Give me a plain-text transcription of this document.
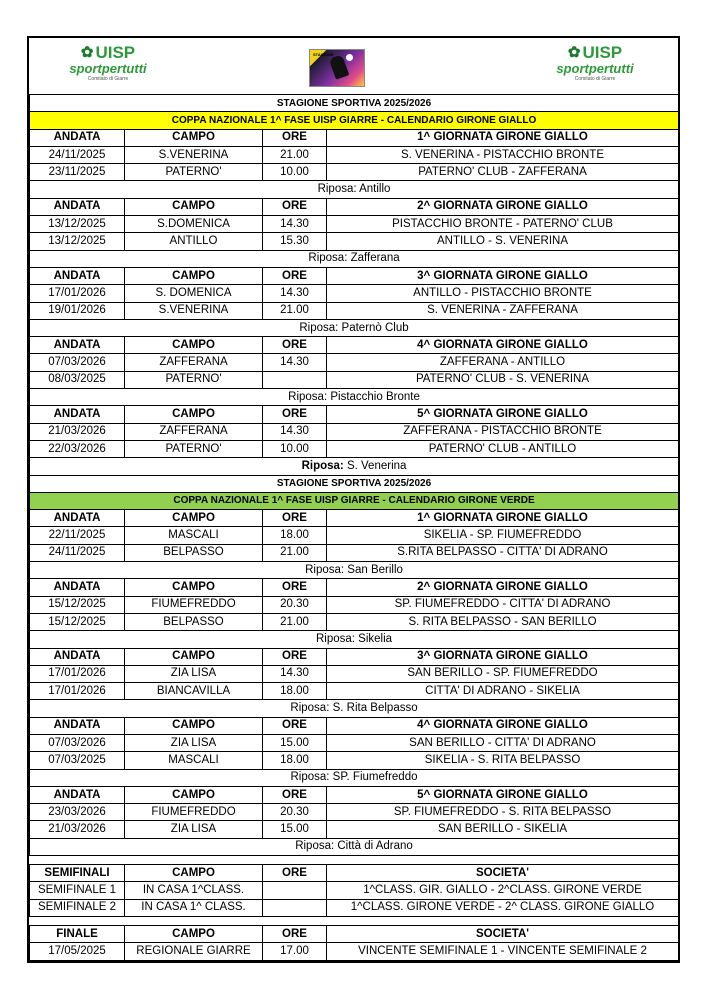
✿ UISP
sportpertutti
Comitato di Giarre
STAGIONE	✿ UISP
sportpertutti
Comitato di Giarre
STAGIONE SPORTIVA 2025/2026			
COPPA NAZIONALE 1^ FASE UISP GIARRE - CALENDARIO GIRONE GIALLO			
ANDATA	CAMPO	ORE	1^ GIORNATA GIRONE GIALLO
24/11/2025	S.VENERINA	21.00	S. VENERINA - PISTACCHIO BRONTE
23/11/2025	PATERNO'	10.00	PATERNO' CLUB - ZAFFERANA
Riposa: Antillo			
ANDATA	CAMPO	ORE	2^ GIORNATA GIRONE GIALLO
13/12/2025	S.DOMENICA	14.30	PISTACCHIO BRONTE - PATERNO' CLUB
13/12/2025	ANTILLO	15.30	ANTILLO - S. VENERINA
Riposa: Zafferana			
ANDATA	CAMPO	ORE	3^ GIORNATA GIRONE GIALLO
17/01/2026	S. DOMENICA	14.30	ANTILLO - PISTACCHIO BRONTE
19/01/2026	S.VENERINA	21.00	S. VENERINA - ZAFFERANA
Riposa: Paternò Club			
ANDATA	CAMPO	ORE	4^ GIORNATA GIRONE GIALLO
07/03/2026	ZAFFERANA	14.30	ZAFFERANA - ANTILLO
08/03/2025	PATERNO'		PATERNO' CLUB - S. VENERINA
Riposa: Pistacchio Bronte			
ANDATA	CAMPO	ORE	5^ GIORNATA GIRONE GIALLO
21/03/2026	ZAFFERANA	14.30	ZAFFERANA - PISTACCHIO BRONTE
22/03/2026	PATERNO'	10.00	PATERNO' CLUB - ANTILLO
Riposa: S. Venerina			
STAGIONE SPORTIVA 2025/2026			
COPPA NAZIONALE 1^ FASE UISP GIARRE - CALENDARIO GIRONE VERDE			
ANDATA	CAMPO	ORE	1^ GIORNATA GIRONE GIALLO
22/11/2025	MASCALI	18.00	SIKELIA - SP. FIUMEFREDDO
24/11/2025	BELPASSO	21.00	S.RITA BELPASSO - CITTA' DI ADRANO
Riposa: San Berillo			
ANDATA	CAMPO	ORE	2^ GIORNATA GIRONE GIALLO
15/12/2025	FIUMEFREDDO	20.30	SP. FIUMEFREDDO - CITTA' DI ADRANO
15/12/2025	BELPASSO	21.00	S. RITA BELPASSO - SAN BERILLO
Riposa: Sikelia			
ANDATA	CAMPO	ORE	3^ GIORNATA GIRONE GIALLO
17/01/2026	ZIA LISA	14.30	SAN BERILLO - SP. FIUMEFREDDO
17/01/2026	BIANCAVILLA	18.00	CITTA' DI ADRANO - SIKELIA
Riposa: S. Rita Belpasso			
ANDATA	CAMPO	ORE	4^ GIORNATA GIRONE GIALLO
07/03/2026	ZIA LISA	15.00	SAN BERILLO - CITTA' DI ADRANO
07/03/2025	MASCALI	18.00	SIKELIA - S. RITA BELPASSO
Riposa: SP. Fiumefreddo			
ANDATA	CAMPO	ORE	5^ GIORNATA GIRONE GIALLO
23/03/2026	FIUMEFREDDO	20.30	SP. FIUMEFREDDO - S. RITA BELPASSO
21/03/2026	ZIA LISA	15.00	SAN BERILLO - SIKELIA
Riposa: Città di Adrano			

SEMIFINALI	CAMPO	ORE	SOCIETA'
SEMIFINALE 1	IN CASA 1^CLASS.		1^CLASS. GIR. GIALLO - 2^CLASS. GIRONE VERDE
SEMIFINALE 2	IN CASA 1^ CLASS.		1^CLASS. GIRONE VERDE - 2^ CLASS. GIRONE GIALLO

FINALE	CAMPO	ORE	SOCIETA'
17/05/2025	REGIONALE GIARRE	17.00	VINCENTE SEMIFINALE 1 - VINCENTE SEMIFINALE 2
